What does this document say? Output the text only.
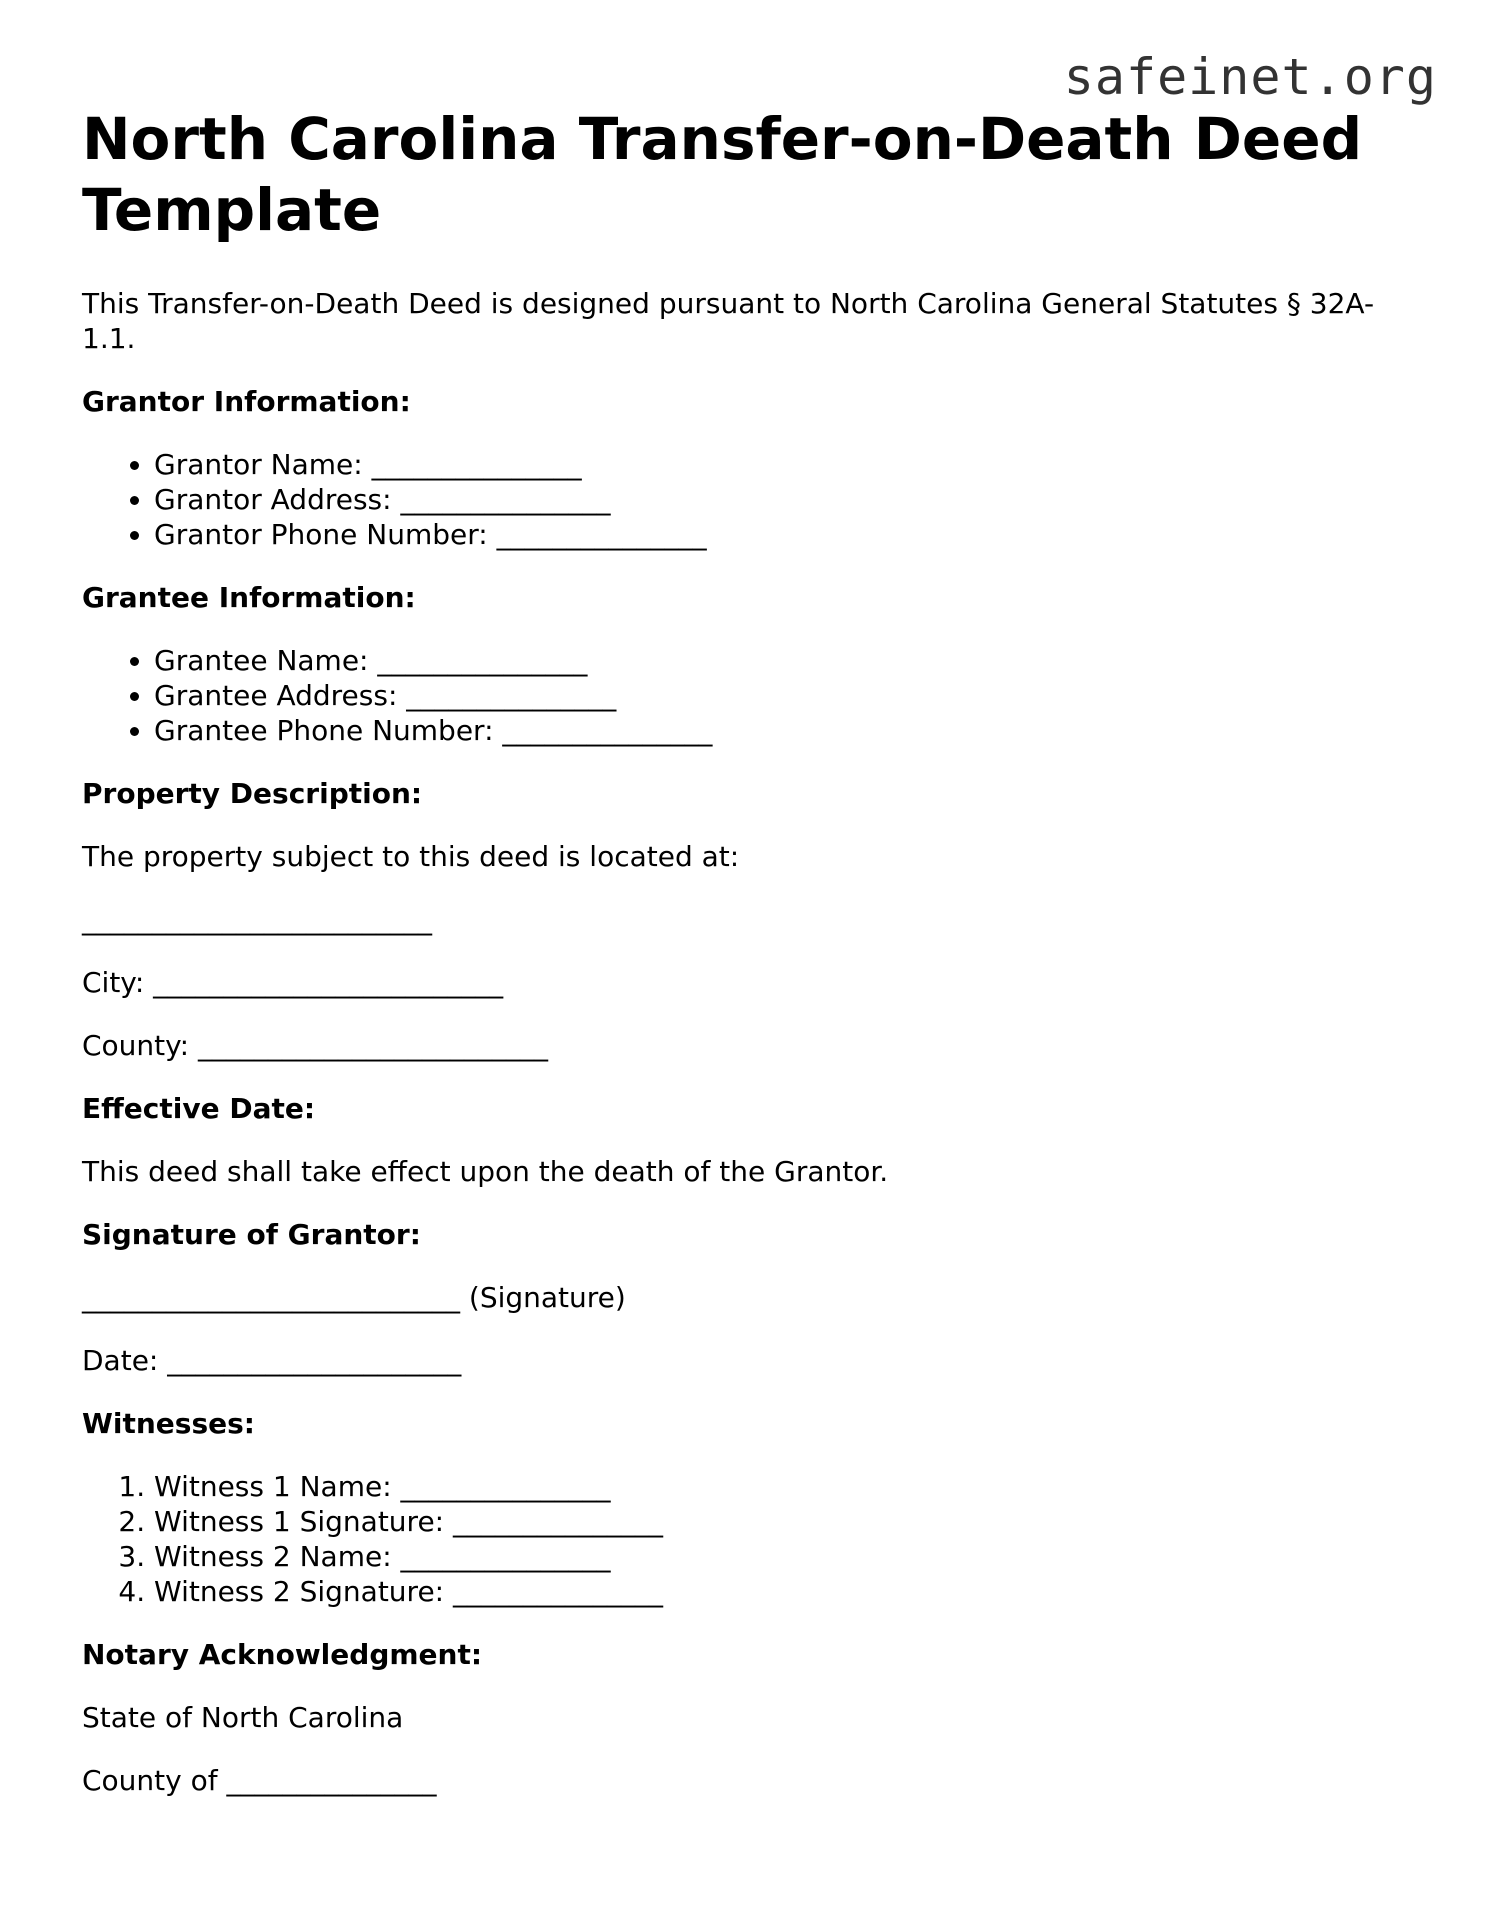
safeinet.org
North Carolina Transfer-on-Death Deed Template

This Transfer-on-Death Deed is designed pursuant to North Carolina General Statutes § 32A-1.1.

Grantor Information:

• Grantor Name: _______________
• Grantor Address: _______________
• Grantor Phone Number: _______________

Grantee Information:

• Grantee Name: _______________
• Grantee Address: _______________
• Grantee Phone Number: _______________

Property Description:

The property subject to this deed is located at:

_________________________

City: _________________________

County: _________________________

Effective Date:

This deed shall take effect upon the death of the Grantor.

Signature of Grantor:

___________________________ (Signature)

Date: _____________________

Witnesses:

1. Witness 1 Name: _______________
2. Witness 1 Signature: _______________
3. Witness 2 Name: _______________
4. Witness 2 Signature: _______________

Notary Acknowledgment:

State of North Carolina

County of _______________
